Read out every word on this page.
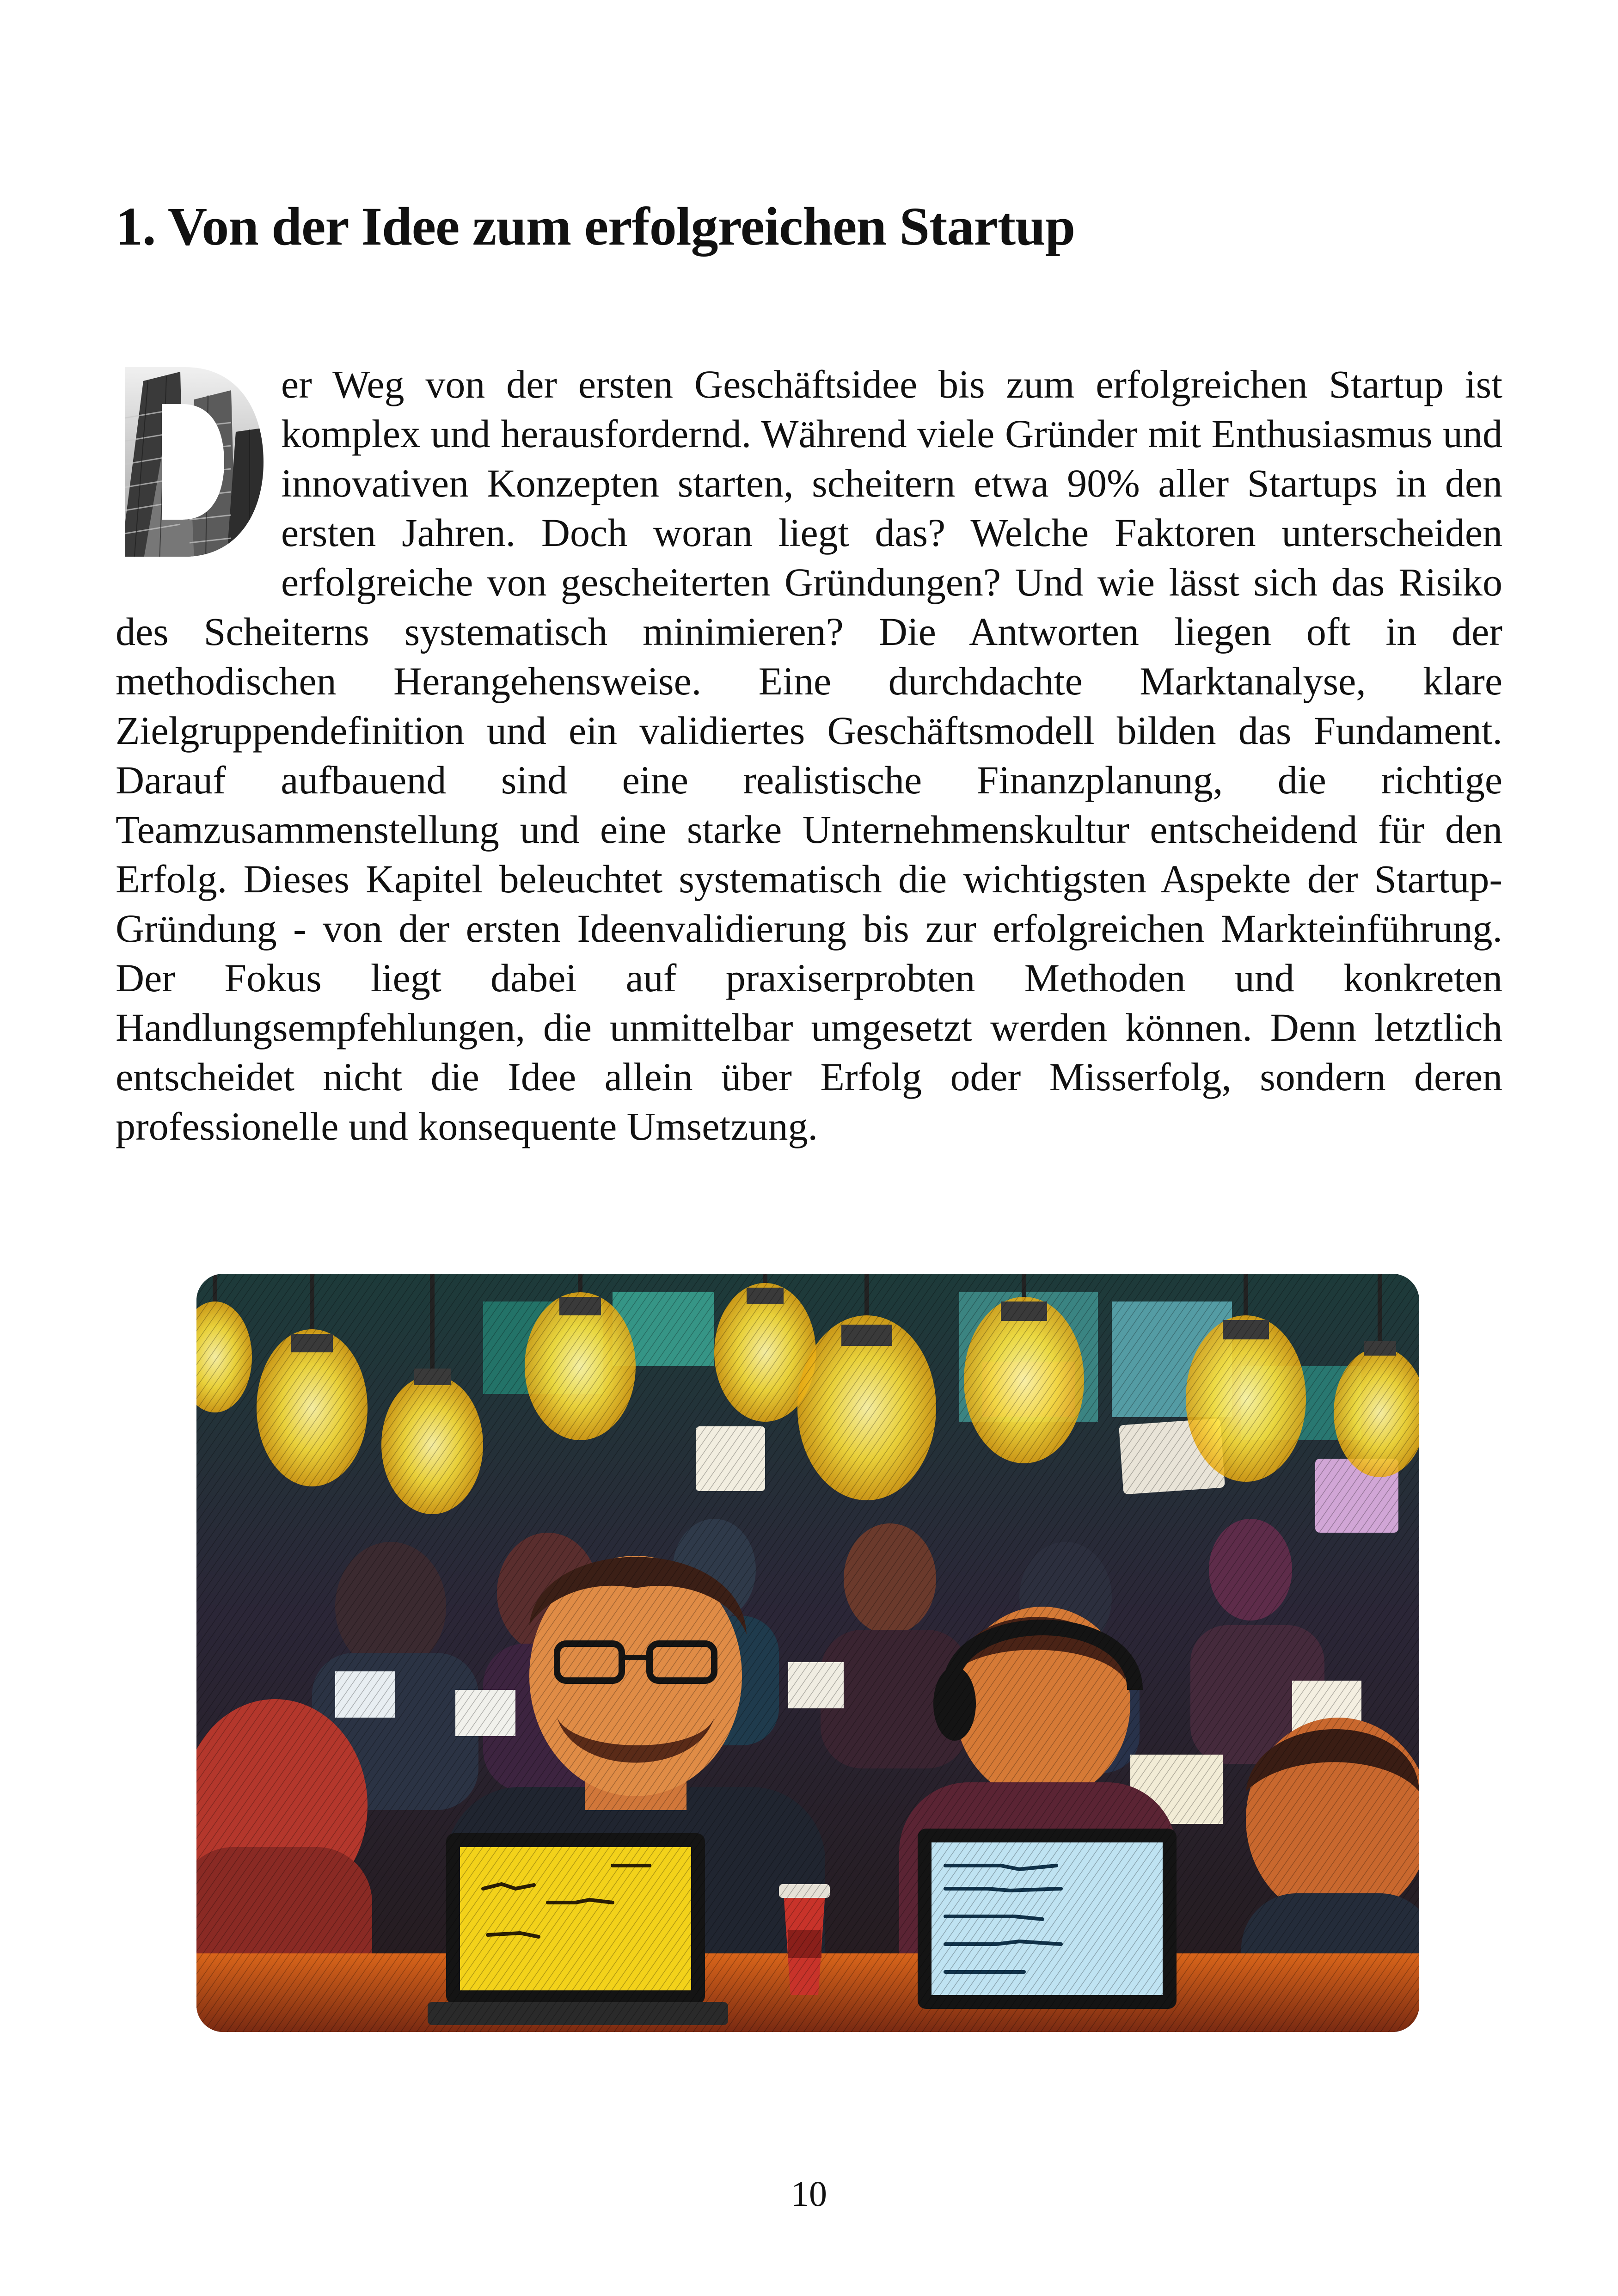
1. Von der Idee zum erfolgreichen Startup
er Weg von der ersten Geschäftsidee bis zum erfolgreichen Startup ist komplex und herausfordernd. Während viele Gründer mit Enthusiasmus und innovativen Konzepten starten, scheitern etwa 90% aller Startups in den ersten Jahren. Doch woran liegt das? Welche Faktoren unterscheiden erfolgreiche von gescheiterten Gründungen? Und wie lässt sich das Risiko des Scheiterns systematisch minimieren? Die Antworten liegen oft in der methodischen Herangehensweise. Eine durchdachte Marktanalyse, klare Zielgruppendefinition und ein validiertes Geschäftsmodell bilden das Fundament. Darauf aufbauend sind eine realistische Finanzplanung, die richtige Teamzusammenstellung und eine starke Unternehmenskultur entscheidend für den Erfolg. Dieses Kapitel beleuchtet systematisch die wichtigsten Aspekte der Startup-Gründung - von der ersten Ideenvalidierung bis zur erfolgreichen Markteinführung. Der Fokus liegt dabei auf praxiserprobten Methoden und konkreten Handlungsempfehlungen, die unmittelbar umgesetzt werden können. Denn letztlich entscheidet nicht die Idee allein über Erfolg oder Misserfolg, sondern deren professionelle und konsequente Umsetzung.
10
